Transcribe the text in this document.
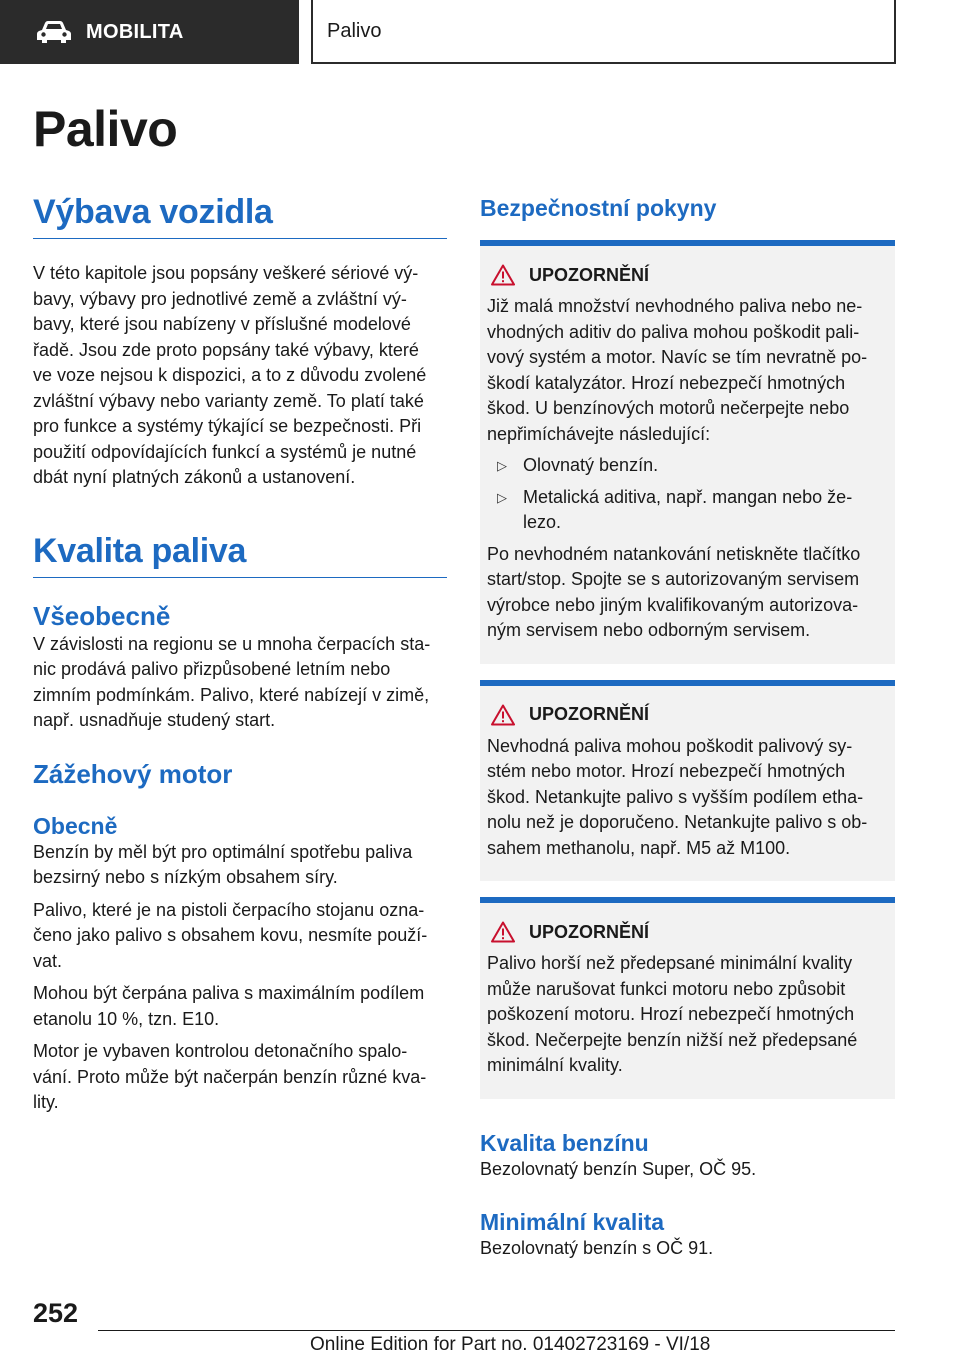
MOBILITA	Palivo
Palivo
Výbava vozidla
V této kapitole jsou popsány veškeré sériové vý-
bavy, výbavy pro jednotlivé země a zvláštní vý-
bavy, které jsou nabízeny v příslušné modelové
řadě. Jsou zde proto popsány také výbavy, které
ve voze nejsou k dispozici, a to z důvodu zvolené
zvláštní výbavy nebo varianty země. To platí také
pro funkce a systémy týkající se bezpečnosti. Při
použití odpovídajících funkcí a systémů je nutné
dbát nyní platných zákonů a ustanovení.
Kvalita paliva
Všeobecně
V závislosti na regionu se u mnoha čerpacích sta-
nic prodává palivo přizpůsobené letním nebo
zimním podmínkám. Palivo, které nabízejí v zimě,
např. usnadňuje studený start.
Zážehový motor
Obecně
Benzín by měl být pro optimální spotřebu paliva
bezsirný nebo s nízkým obsahem síry.
Palivo, které je na pistoli čerpacího stojanu ozna-
čeno jako palivo s obsahem kovu, nesmíte použí-
vat.
Mohou být čerpána paliva s maximálním podílem
etanolu 10 %, tzn. E10.
Motor je vybaven kontrolou detonačního spalo-
vání. Proto může být načerpán benzín různé kva-
lity.
Bezpečnostní pokyny
UPOZORNĚNÍ
Již malá množství nevhodného paliva nebo ne-
vhodných aditiv do paliva mohou poškodit pali-
vový systém a motor. Navíc se tím nevratně po-
škodí katalyzátor. Hrozí nebezpečí hmotných
škod. U benzínových motorů nečerpejte nebo
nepřimíchávejte následující:
▷ Olovnatý benzín.
▷ Metalická aditiva, např. mangan nebo že-
lezo.
Po nevhodném natankování netiskněte tlačítko
start/stop. Spojte se s autorizovaným servisem
výrobce nebo jiným kvalifikovaným autorizova-
ným servisem nebo odborným servisem.
UPOZORNĚNÍ
Nevhodná paliva mohou poškodit palivový sy-
stém nebo motor. Hrozí nebezpečí hmotných
škod. Netankujte palivo s vyšším podílem etha-
nolu než je doporučeno. Netankujte palivo s ob-
sahem methanolu, např. M5 až M100.
UPOZORNĚNÍ
Palivo horší než předepsané minimální kvality
může narušovat funkci motoru nebo způsobit
poškození motoru. Hrozí nebezpečí hmotných
škod. Nečerpejte benzín nižší než předepsané
minimální kvality.
Kvalita benzínu
Bezolovnatý benzín Super, OČ 95.
Minimální kvalita
Bezolovnatý benzín s OČ 91.
252
Online Edition for Part no. 01402723169 - VI/18
